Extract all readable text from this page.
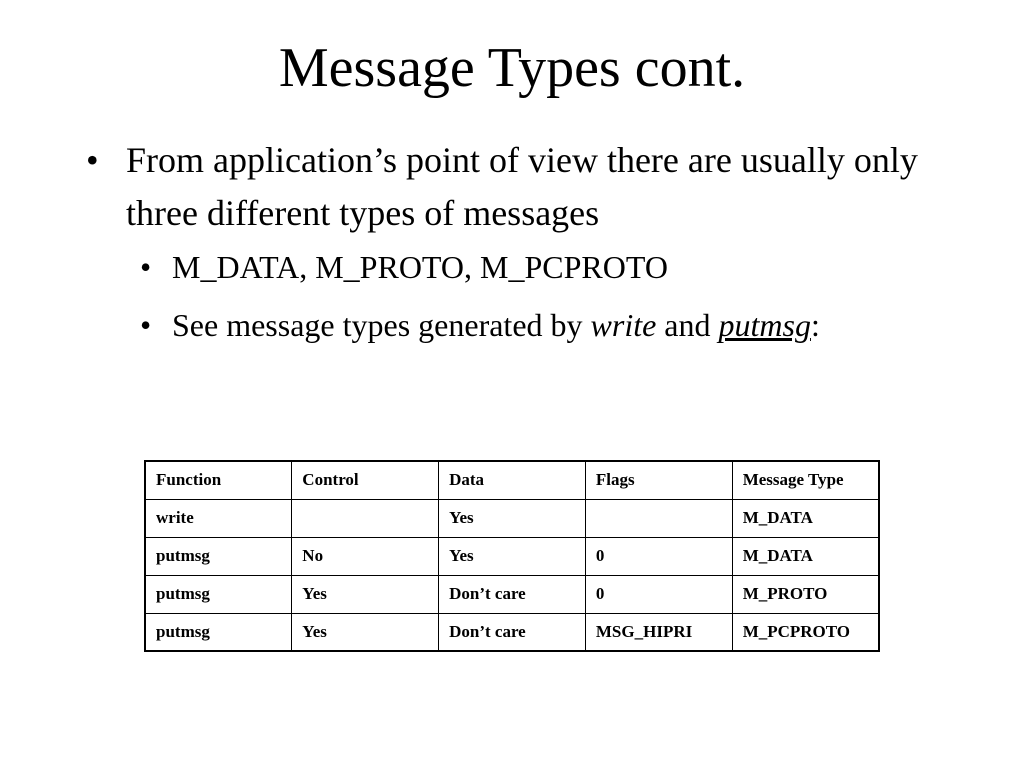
Message Types cont.
• From application’s point of view there are usually only three different types of messages
• M_DATA, M_PROTO, M_PCPROTO
• See message types generated by write and putmsg:
Function	Control	Data	Flags	Message Type
write		Yes		M_DATA
putmsg	No	Yes	0	M_DATA
putmsg	Yes	Don’t care	0	M_PROTO
putmsg	Yes	Don’t care	MSG_HIPRI	M_PCPROTO
